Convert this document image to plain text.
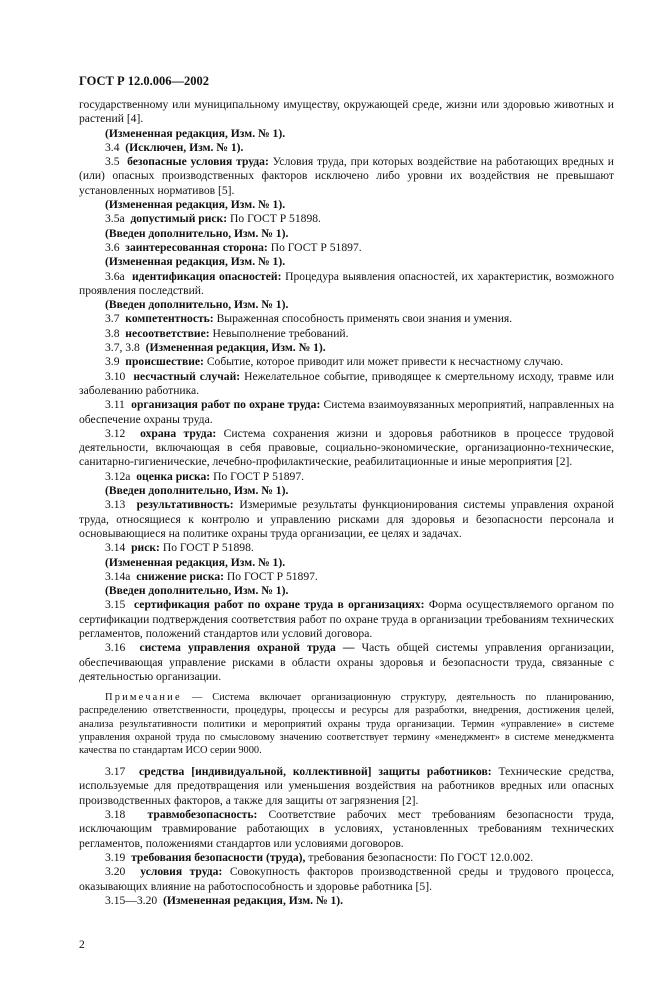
ГОСТ Р 12.0.006—2002

государственному или муниципальному имуществу, окружающей среде, жизни или здоровью животных и растений [4].

(Измененная редакция, Изм. № 1).

3.4 (Исключен, Изм. № 1).

3.5 безопасные условия труда: Условия труда, при которых воздействие на работающих вредных и (или) опасных производственных факторов исключено либо уровни их воздействия не превышают установленных нормативов [5].

(Измененная редакция, Изм. № 1).

3.5а допустимый риск: По ГОСТ Р 51898.

(Введен дополнительно, Изм. № 1).

3.6 заинтересованная сторона: По ГОСТ Р 51897.

(Измененная редакция, Изм. № 1).

3.6а идентификация опасностей: Процедура выявления опасностей, их характеристик, возможного проявления последствий.

(Введен дополнительно, Изм. № 1).

3.7 компетентность: Выраженная способность применять свои знания и умения.

3.8 несоответствие: Невыполнение требований.

3.7, 3.8 (Измененная редакция, Изм. № 1).

3.9 происшествие: Событие, которое приводит или может привести к несчастному случаю.

3.10 несчастный случай: Нежелательное событие, приводящее к смертельному исходу, травме или заболеванию работника.

3.11 организация работ по охране труда: Система взаимоувязанных мероприятий, направленных на обеспечение охраны труда.

3.12 охрана труда: Система сохранения жизни и здоровья работников в процессе трудовой деятельности, включающая в себя правовые, социально-экономические, организационно-технические, санитарно-гигиенические, лечебно-профилактические, реабилитационные и иные мероприятия [2].

3.12а оценка риска: По ГОСТ Р 51897.

(Введен дополнительно, Изм. № 1).

3.13 результативность: Измеримые результаты функционирования системы управления охраной труда, относящиеся к контролю и управлению рисками для здоровья и безопасности персонала и основывающиеся на политике охраны труда организации, ее целях и задачах.

3.14 риск: По ГОСТ Р 51898.

(Измененная редакция, Изм. № 1).

3.14а снижение риска: По ГОСТ Р 51897.

(Введен дополнительно, Изм. № 1).

3.15 сертификация работ по охране труда в организациях: Форма осуществляемого органом по сертификации подтверждения соответствия работ по охране труда в организации требованиям технических регламентов, положений стандартов или условий договора.

3.16 система управления охраной труда — Часть общей системы управления организации, обеспечивающая управление рисками в области охраны здоровья и безопасности труда, связанные с деятельностью организации.

Примечание — Система включает организационную структуру, деятельность по планированию, распределению ответственности, процедуры, процессы и ресурсы для разработки, внедрения, достижения целей, анализа результативности политики и мероприятий охраны труда организации. Термин «управление» в системе управления охраной труда по смысловому значению соответствует термину «менеджмент» в системе менеджмента качества по стандартам ИСО серии 9000.

3.17 средства [индивидуальной, коллективной] защиты работников: Технические средства, используемые для предотвращения или уменьшения воздействия на работников вредных или опасных производственных факторов, а также для защиты от загрязнения [2].

3.18 травмобезопасность: Соответствие рабочих мест требованиям безопасности труда, исключающим травмирование работающих в условиях, установленных требованиям технических регламентов, положениями стандартов или условиями договоров.

3.19 требования безопасности (труда), требования безопасности: По ГОСТ 12.0.002.

3.20 условия труда: Совокупность факторов производственной среды и трудового процесса, оказывающих влияние на работоспособность и здоровье работника [5].

3.15—3.20 (Измененная редакция, Изм. № 1).

2
